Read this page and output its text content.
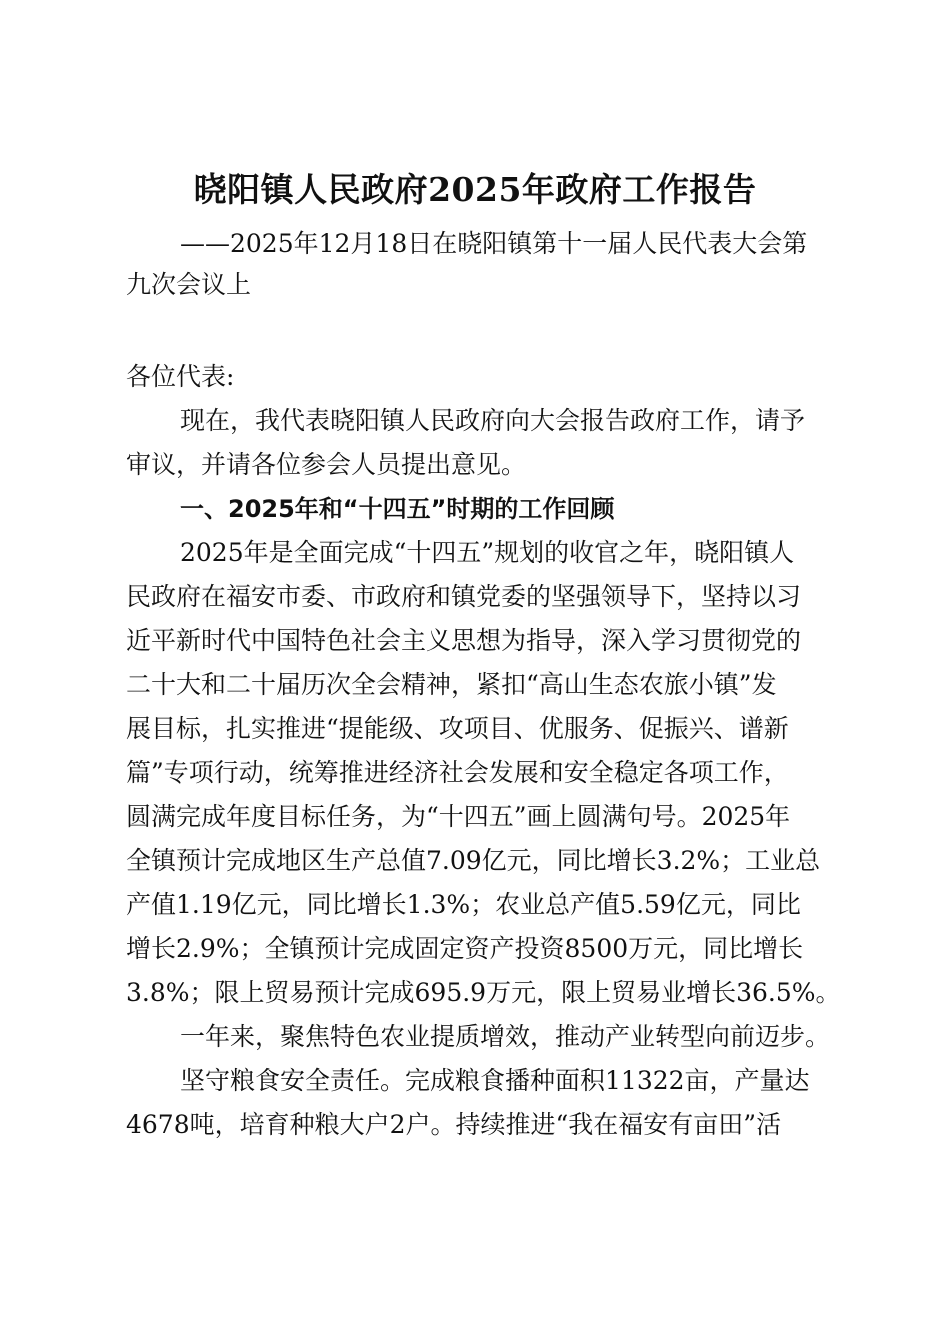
晓阳镇人民政府2025年政府工作报告
——2025年12月18日在晓阳镇第十一届人民代表大会第
九次会议上
各位代表:
现在，我代表晓阳镇人民政府向大会报告政府工作，请予
审议，并请各位参会人员提出意见。
一、2025年和“十四五”时期的工作回顾
2025年是全面完成“十四五”规划的收官之年，晓阳镇人
民政府在福安市委、市政府和镇党委的坚强领导下，坚持以习
近平新时代中国特色社会主义思想为指导，深入学习贯彻党的
二十大和二十届历次全会精神，紧扣“高山生态农旅小镇”发
展目标，扎实推进“提能级、攻项目、优服务、促振兴、谱新
篇”专项行动，统筹推进经济社会发展和安全稳定各项工作，
圆满完成年度目标任务，为“十四五”画上圆满句号。2025年
全镇预计完成地区生产总值7.09亿元，同比增长3.2%；工业总
产值1.19亿元，同比增长1.3%；农业总产值5.59亿元，同比
增长2.9%；全镇预计完成固定资产投资8500万元，同比增长
3.8%；限上贸易预计完成695.9万元，限上贸易业增长36.5%。
一年来，聚焦特色农业提质增效，推动产业转型向前迈步。
坚守粮食安全责任。完成粮食播种面积11322亩，产量达
4678吨，培育种粮大户2户。持续推进“我在福安有亩田”活
